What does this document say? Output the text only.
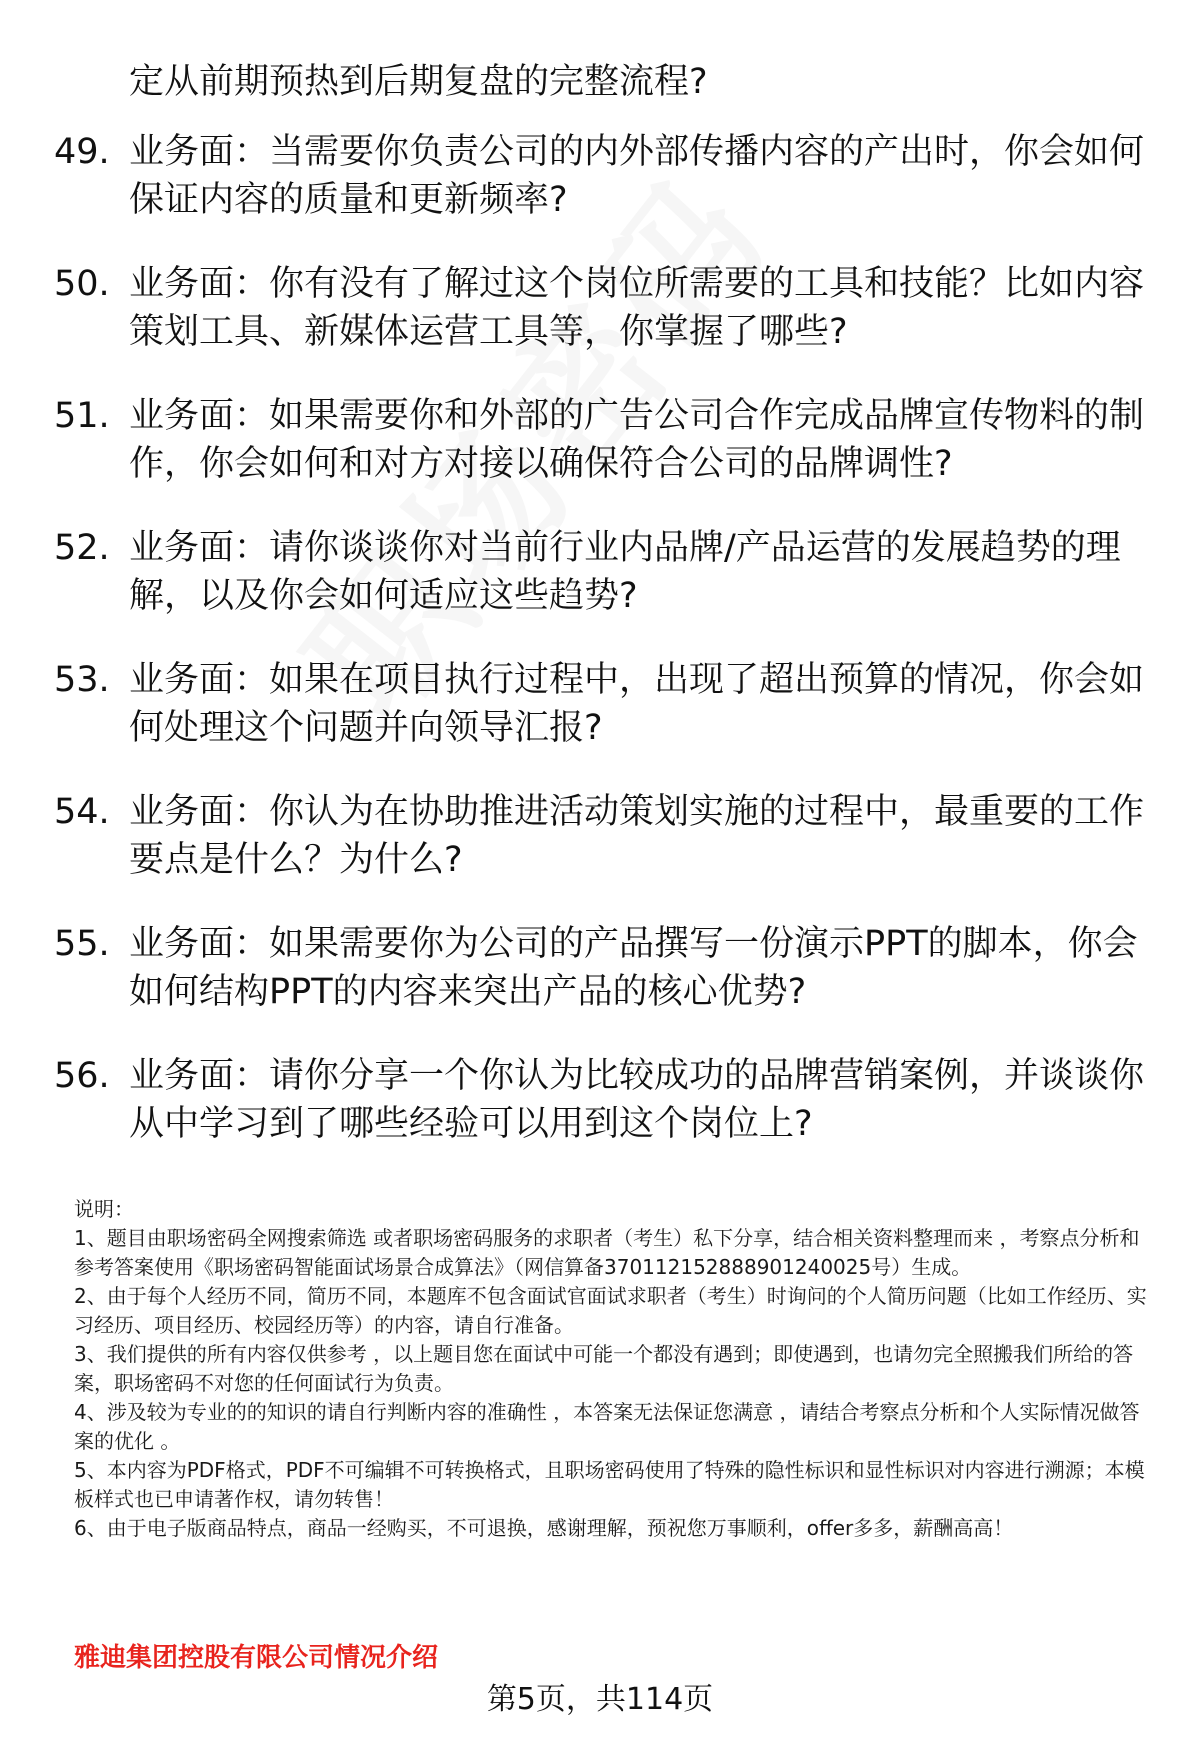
定从前期预热到后期复盘的完整流程?
49. 业务面：当需要你负责公司的内外部传播内容的产出时，你会如何保证内容的质量和更新频率?
50. 业务面：你有没有了解过这个岗位所需要的工具和技能？比如内容策划工具、新媒体运营工具等，你掌握了哪些?
51. 业务面：如果需要你和外部的广告公司合作完成品牌宣传物料的制作，你会如何和对方对接以确保符合公司的品牌调性?
52. 业务面：请你谈谈你对当前行业内品牌/产品运营的发展趋势的理解，以及你会如何适应这些趋势?
53. 业务面：如果在项目执行过程中，出现了超出预算的情况，你会如何处理这个问题并向领导汇报?
54. 业务面：你认为在协助推进活动策划实施的过程中，最重要的工作要点是什么？为什么?
55. 业务面：如果需要你为公司的产品撰写一份演示PPT的脚本，你会如何结构PPT的内容来突出产品的核心优势?
56. 业务面：请你分享一个你认为比较成功的品牌营销案例，并谈谈你从中学习到了哪些经验可以用到这个岗位上?
说明：
1、题目由职场密码全网搜索筛选 或者职场密码服务的求职者（考生）私下分享，结合相关资料整理而来 ，考察点分析和参考答案使用《职场密码智能面试场景合成算法》（网信算备370112152888901240025号）生成。
2、由于每个人经历不同，简历不同，本题库不包含面试官面试求职者（考生）时询问的个人简历问题（比如工作经历、实习经历、项目经历、校园经历等）的内容，请自行准备。
3、我们提供的所有内容仅供参考 ，以上题目您在面试中可能一个都没有遇到；即使遇到，也请勿完全照搬我们所给的答案，职场密码不对您的任何面试行为负责。
4、涉及较为专业的的知识的请自行判断内容的准确性 ，本答案无法保证您满意 ，请结合考察点分析和个人实际情况做答案的优化 。
5、本内容为PDF格式，PDF不可编辑不可转换格式，且职场密码使用了特殊的隐性标识和显性标识对内容进行溯源；本模板样式也已申请著作权，请勿转售！
6、由于电子版商品特点，商品一经购买，不可退换，感谢理解，预祝您万事顺利，offer多多，薪酬高高！
雅迪集团控股有限公司情况介绍
第5页，共114页
